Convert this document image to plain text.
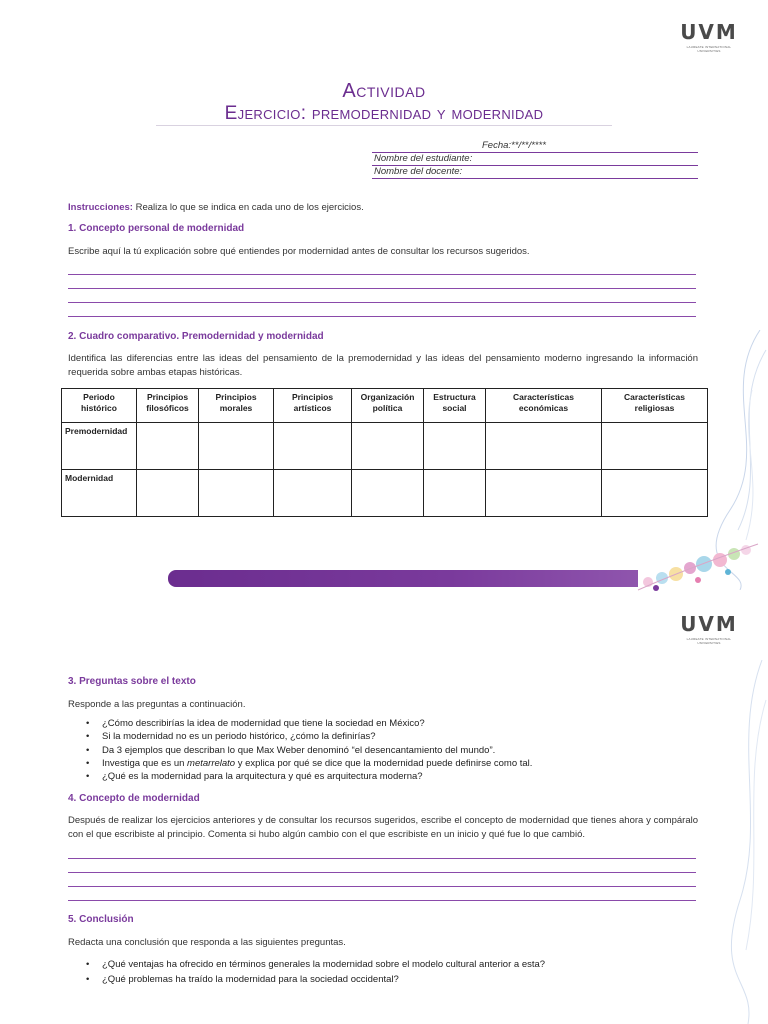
UVM
LAUREATE INTERNATIONAL UNIVERSITIES
Actividad
Ejercicio: premodernidad y modernidad
Fecha:**/**/****
Nombre del estudiante:
Nombre del docente:
Instrucciones: Realiza lo que se indica en cada uno de los ejercicios.
1. Concepto personal de modernidad
Escribe aquí la tú explicación sobre qué entiendes por modernidad antes de consultar los recursos sugeridos.
2. Cuadro comparativo. Premodernidad y modernidad
Identifica las diferencias entre las ideas del pensamiento de la premodernidad y las ideas del pensamiento moderno ingresando la información requerida sobre ambas etapas históricas.
Periodo histórico	Principios filosóficos	Principios morales	Principios artísticos	Organización política	Estructura social	Características económicas	Características religiosas
Premodernidad							
Modernidad							
UVM
LAUREATE INTERNATIONAL UNIVERSITIES
3. Preguntas sobre el texto
Responde a las preguntas a continuación.
• ¿Cómo describirías la idea de modernidad que tiene la sociedad en México?
• Si la modernidad no es un periodo histórico, ¿cómo la definirías?
• Da 3 ejemplos que describan lo que Max Weber denominó “el desencantamiento del mundo”.
• Investiga que es un metarrelato y explica por qué se dice que la modernidad puede definirse como tal.
• ¿Qué es la modernidad para la arquitectura y qué es arquitectura moderna?
4. Concepto de modernidad
Después de realizar los ejercicios anteriores y de consultar los recursos sugeridos, escribe el concepto de modernidad que tienes ahora y compáralo con el que escribiste al principio. Comenta si hubo algún cambio con el que escribiste en un inicio y qué fue lo que cambió.
5. Conclusión
Redacta una conclusión que responda a las siguientes preguntas.
• ¿Qué ventajas ha ofrecido en términos generales la modernidad sobre el modelo cultural anterior a esta?
• ¿Qué problemas ha traído la modernidad para la sociedad occidental?
